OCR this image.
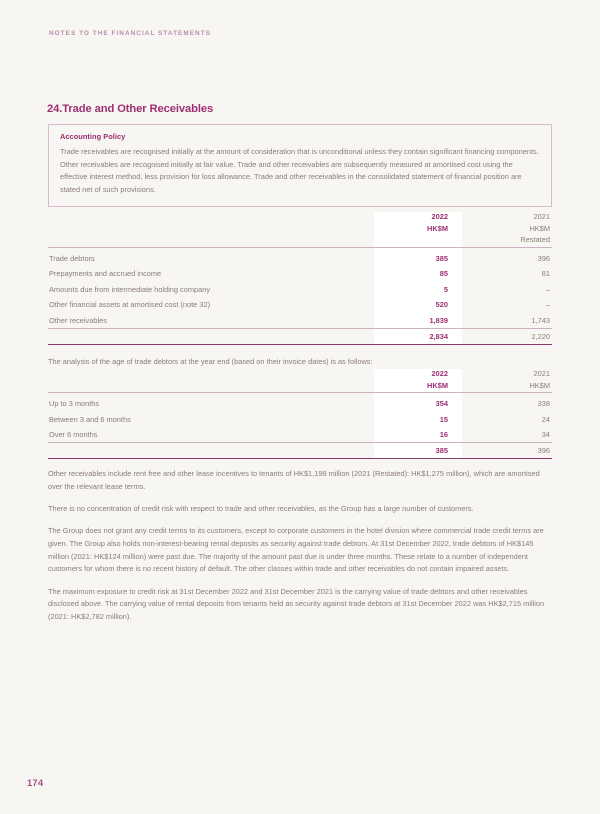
NOTES TO THE FINANCIAL STATEMENTS
24.Trade and Other Receivables
Accounting Policy
Trade receivables are recognised initially at the amount of consideration that is unconditional unless they contain significant financing components. Other receivables are recognised initially at fair value. Trade and other receivables are subsequently measured at amortised cost using the effective interest method, less provision for loss allowance. Trade and other receivables in the consolidated statement of financial position are stated net of such provisions.
	2022	2021
	HK$M	HK$M
		Restated

Trade debtors	385	396
Prepayments and accrued income	85	81
Amounts due from intermediate holding company	5	–
Other financial assets at amortised cost (note 32)	520	–
Other receivables	1,839	1,743

	2,834	2,220

The analysis of the age of trade debtors at the year end (based on their invoice dates) is as follows:
	2022	2021
	HK$M	HK$M

Up to 3 months	354	338
Between 3 and 6 months	15	24
Over 6 months	16	34

	385	396

Other receivables include rent free and other lease incentives to tenants of HK$1,198 million (2021 (Restated): HK$1,275 million), which are amortised over the relevant lease terms.

There is no concentration of credit risk with respect to trade and other receivables, as the Group has a large number of customers.

The Group does not grant any credit terms to its customers, except to corporate customers in the hotel division where commercial trade credit terms are given. The Group also holds non-interest-bearing rental deposits as security against trade debtors. At 31st December 2022, trade debtors of HK$145 million (2021: HK$124 million) were past due. The majority of the amount past due is under three months. These relate to a number of independent customers for whom there is no recent history of default. The other classes within trade and other receivables do not contain impaired assets.

The maximum exposure to credit risk at 31st December 2022 and 31st December 2021 is the carrying value of trade debtors and other receivables disclosed above. The carrying value of rental deposits from tenants held as security against trade debtors at 31st December 2022 was HK$2,715 million (2021: HK$2,782 million).

174
